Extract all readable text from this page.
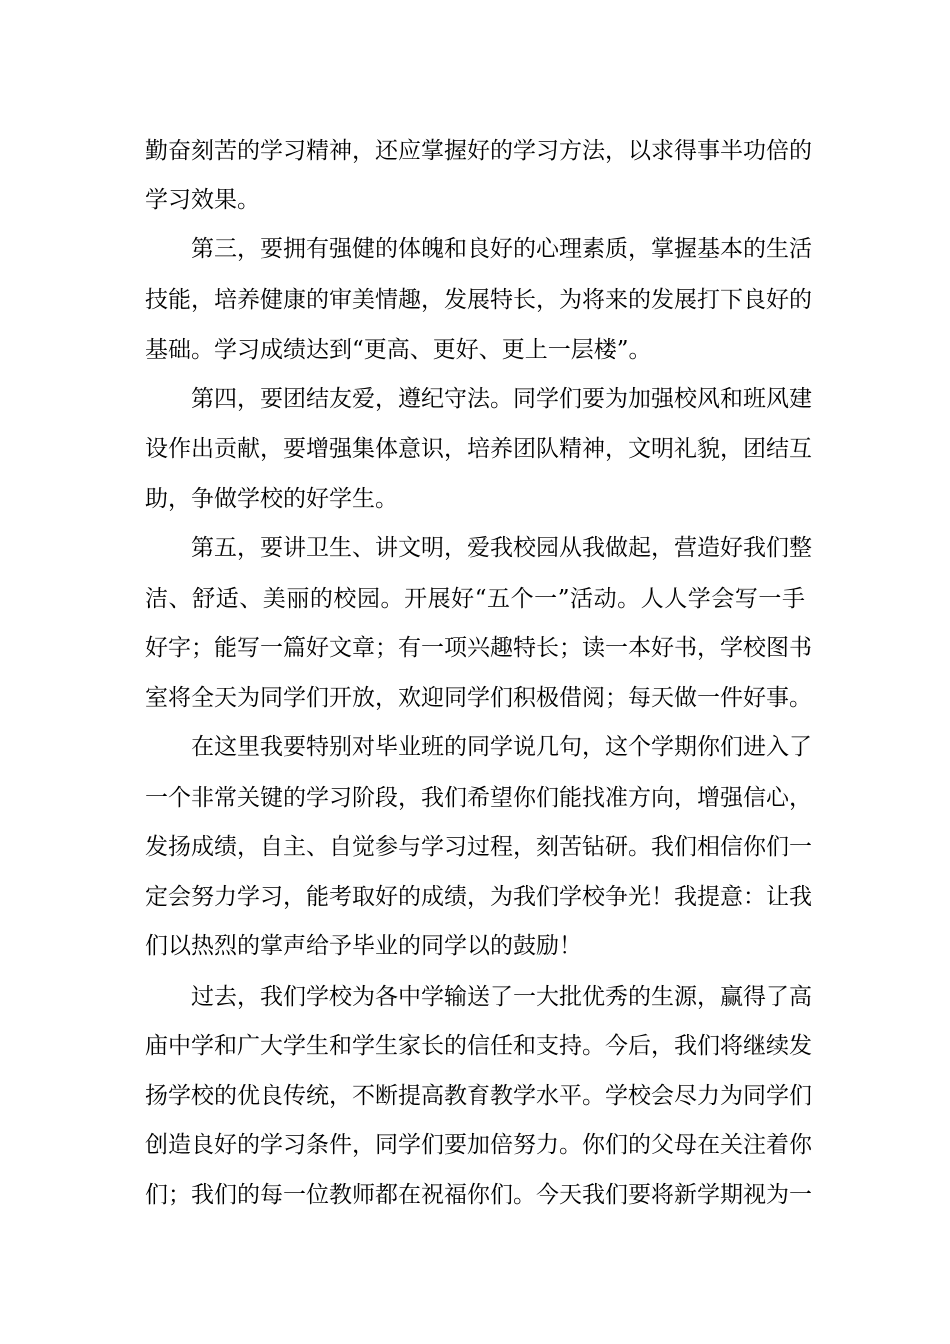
勤奋刻苦的学习精神，还应掌握好的学习方法，以求得事半功倍的
学习效果。
第三，要拥有强健的体魄和良好的心理素质，掌握基本的生活
技能，培养健康的审美情趣，发展特长，为将来的发展打下良好的
基础。学习成绩达到“更高、更好、更上一层楼”。
第四，要团结友爱，遵纪守法。同学们要为加强校风和班风建
设作出贡献，要增强集体意识，培养团队精神，文明礼貌，团结互
助，争做学校的好学生。
第五，要讲卫生、讲文明，爱我校园从我做起，营造好我们整
洁、舒适、美丽的校园。开展好“五个一”活动。人人学会写一手
好字；能写一篇好文章；有一项兴趣特长；读一本好书，学校图书
室将全天为同学们开放，欢迎同学们积极借阅；每天做一件好事。
在这里我要特别对毕业班的同学说几句，这个学期你们进入了
一个非常关键的学习阶段，我们希望你们能找准方向，增强信心，
发扬成绩，自主、自觉参与学习过程，刻苦钻研。我们相信你们一
定会努力学习，能考取好的成绩，为我们学校争光！我提意：让我
们以热烈的掌声给予毕业的同学以的鼓励！
过去，我们学校为各中学输送了一大批优秀的生源，赢得了高
庙中学和广大学生和学生家长的信任和支持。今后，我们将继续发
扬学校的优良传统，不断提高教育教学水平。学校会尽力为同学们
创造良好的学习条件，同学们要加倍努力。你们的父母在关注着你
们；我们的每一位教师都在祝福你们。今天我们要将新学期视为一
